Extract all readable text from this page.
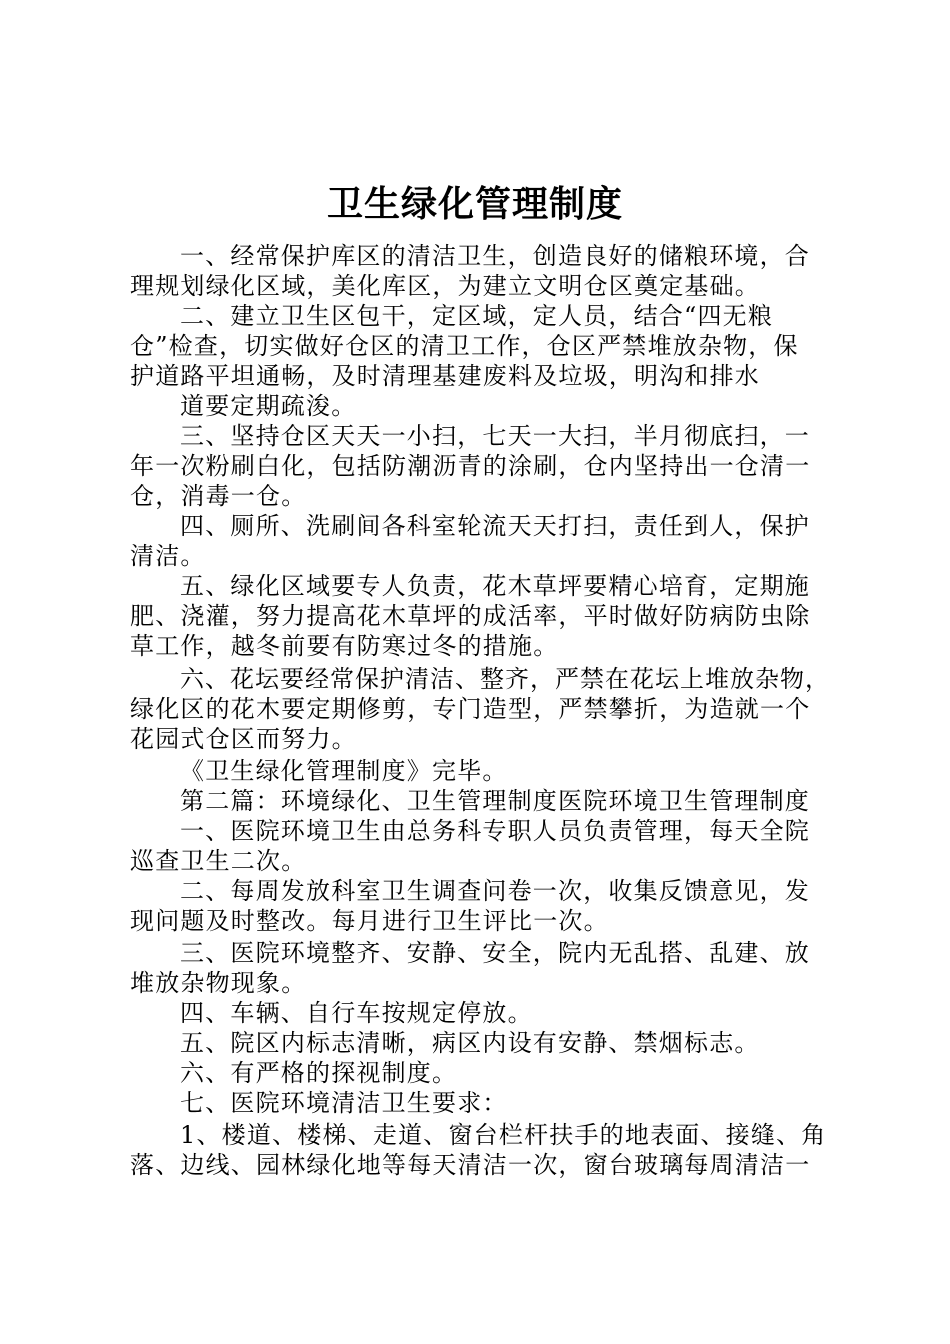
卫生绿化管理制度
一、经常保护库区的清洁卫生，创造良好的储粮环境，合
理规划绿化区域，美化库区，为建立文明仓区奠定基础。
二、建立卫生区包干，定区域，定人员，结合“四无粮
仓”检查，切实做好仓区的清卫工作，仓区严禁堆放杂物，保
护道路平坦通畅，及时清理基建废料及垃圾，明沟和排水
道要定期疏浚。
三、坚持仓区天天一小扫，七天一大扫，半月彻底扫，一
年一次粉刷白化，包括防潮沥青的涂刷，仓内坚持出一仓清一
仓，消毒一仓。
四、厕所、洗刷间各科室轮流天天打扫，责任到人，保护
清洁。
五、绿化区域要专人负责，花木草坪要精心培育，定期施
肥、浇灌，努力提高花木草坪的成活率，平时做好防病防虫除
草工作，越冬前要有防寒过冬的措施。
六、花坛要经常保护清洁、整齐，严禁在花坛上堆放杂物，
绿化区的花木要定期修剪，专门造型，严禁攀折，为造就一个
花园式仓区而努力。
《卫生绿化管理制度》完毕。
第二篇：环境绿化、卫生管理制度医院环境卫生管理制度
一、医院环境卫生由总务科专职人员负责管理，每天全院
巡查卫生二次。
二、每周发放科室卫生调查问卷一次，收集反馈意见，发
现问题及时整改。每月进行卫生评比一次。
三、医院环境整齐、安静、安全，院内无乱搭、乱建、放
堆放杂物现象。
四、车辆、自行车按规定停放。
五、院区内标志清晰，病区内设有安静、禁烟标志。
六、有严格的探视制度。
七、医院环境清洁卫生要求：
1、楼道、楼梯、走道、窗台栏杆扶手的地表面、接缝、角
落、边线、园林绿化地等每天清洁一次，窗台玻璃每周清洁一
